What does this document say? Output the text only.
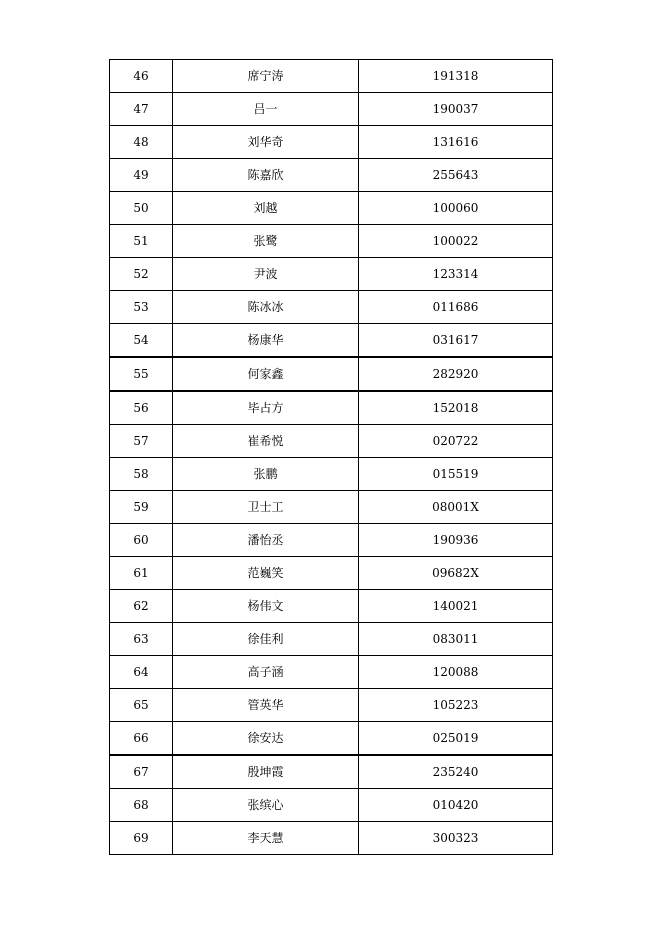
46	席宁涛	191318
47	吕一	190037
48	刘华奇	131616
49	陈嘉欣	255643
50	刘越	100060
51	张鹭	100022
52	尹波	123314
53	陈冰冰	011686
54	杨康华	031617
55	何家鑫	282920
56	毕占方	152018
57	崔希悦	020722
58	张鹏	015519
59	卫士工	08001X
60	潘怡丞	190936
61	范巍笑	09682X
62	杨伟文	140021
63	徐佳利	083011
64	高子涵	120088
65	管英华	105223
66	徐安达	025019
67	殷坤霞	235240
68	张缤心	010420
69	李天慧	300323
